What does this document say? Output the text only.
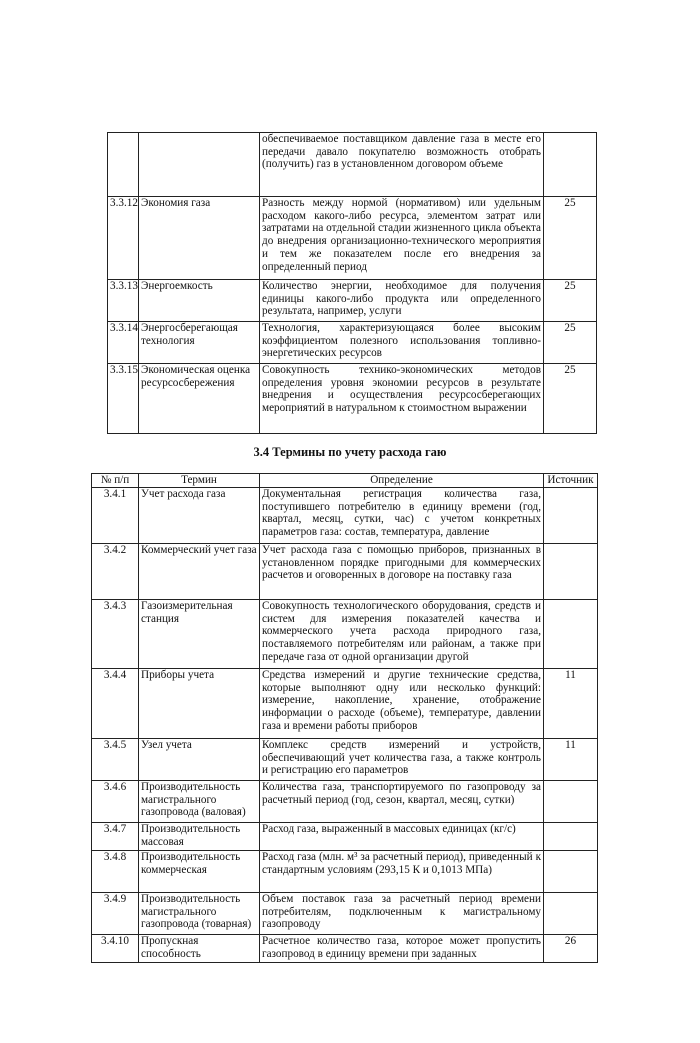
		обеспечиваемое поставщиком давление газа в месте его передачи давало покупателю возможность отобрать (получить) газ в установленном договором объеме	
3.3.12	Экономия газа	Разность между нормой (нормативом) или удельным расходом какого-либо ресурса, элементом затрат или затратами на отдельной стадии жизненного цикла объекта до внедрения организационно-технического мероприятия и тем же показателем после его внедрения за определенный период	25
3.3.13	Энергоемкость	Количество энергии, необходимое для получения единицы какого-либо продукта или определенного результата, например, услуги	25
3.3.14	Энергосберегающая технология	Технология, характеризующаяся более высоким коэффициентом полезного использования топливно-энергетических ресурсов	25
3.3.15	Экономическая оценка ресурсосбережения	Совокупность технико-экономических методов определения уровня экономии ресурсов в результате внедрения и осуществления ресурсосберегающих мероприятий в натуральном к стоимостном выражении	25
3.4 Термины по учету расхода гаю
№ п/п	Термин	Определение	Источник
3.4.1	Учет расхода газа	Документальная регистрация количества газа, поступившего потребителю в единицу времени (год, квартал, месяц, сутки, час) с учетом конкретных параметров газа: состав, температура, давление	
3.4.2	Коммерческий учет газа	Учет расхода газа с помощью приборов, признанных в установленном порядке пригодными для коммерческих расчетов и оговоренных в договоре на поставку газа	
3.4.3	Газоизмерительная станция	Совокупность технологического оборудования, средств и систем для измерения показателей качества и коммерческого учета расхода природного газа, поставляемого потребителям или районам, а также при передаче газа от одной организации другой	
3.4.4	Приборы учета	Средства измерений и другие технические средства, которые выполняют одну или несколько функций: измерение, накопление, хранение, отображение информации о расходе (объеме), температуре, давлении газа и времени работы приборов	11
3.4.5	Узел учета	Комплекс средств измерений и устройств, обеспечивающий учет количества газа, а также контроль и регистрацию его параметров	11
3.4.6	Производительность магистрального газопровода (валовая)	Количества газа, транспортируемого по газопроводу за расчетный период (год, сезон, квартал, месяц, сутки)	
3.4.7	Производительность массовая	Расход газа, выраженный в массовых единицах (кг/с)	
3.4.8	Производительность коммерческая	Расход газа (млн. м³ за расчетный период), приведенный к стандартным условиям (293,15 К и 0,1013 МПа)	
3.4.9	Производительность магистрального газопровода (товарная)	Объем поставок газа за расчетный период времени потребителям, подключенным к магистральному газопроводу	
3.4.10	Пропускная способность	Расчетное количество газа, которое может пропустить газопровод в единицу времени при заданных	26
